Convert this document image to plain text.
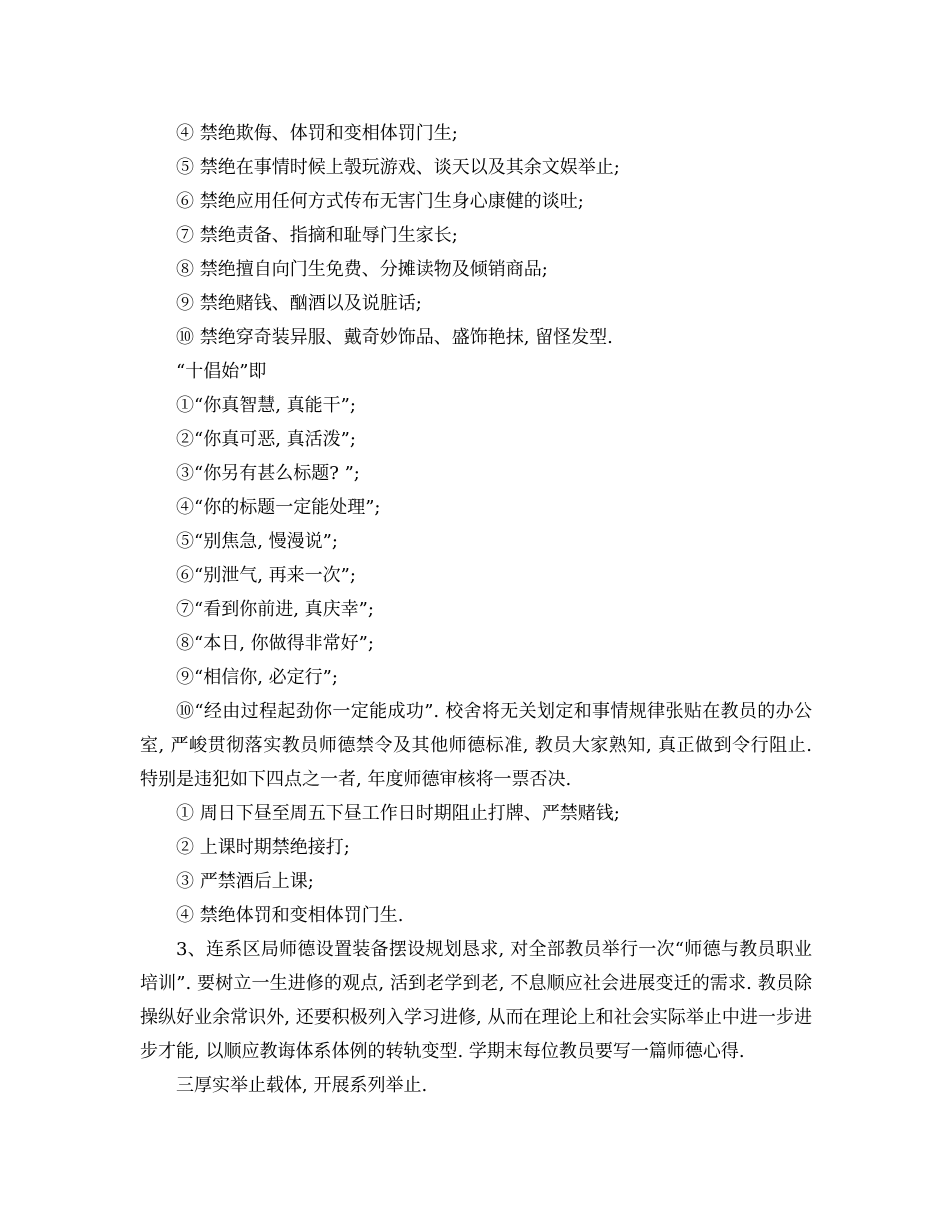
④ 禁绝欺侮、体罚和变相体罚门生;
⑤ 禁绝在事情时候上彀玩游戏、谈天以及其余文娱举止;
⑥ 禁绝应用任何方式传布无害门生身心康健的谈吐;
⑦ 禁绝责备、指摘和耻辱门生家长;
⑧ 禁绝擅自向门生免费、分摊读物及倾销商品;
⑨ 禁绝赌钱、酗酒以及说脏话;
⑩ 禁绝穿奇装异服、戴奇妙饰品、盛饰艳抹, 留怪发型.
“十倡始”即
①“你真智慧, 真能干”;
②“你真可恶, 真活泼”;
③“你另有甚么标题? ”;
④“你的标题一定能处理”;
⑤“别焦急, 慢漫说”;
⑥“别泄气, 再来一次”;
⑦“看到你前进, 真庆幸”;
⑧“本日, 你做得非常好”;
⑨“相信你, 必定行”;

⑩“经由过程起劲你一定能成功”. 校舍将无关划定和事情规律张贴在教员的办公室, 严峻贯彻落实教员师德禁令及其他师德标准, 教员大家熟知, 真正做到令行阻止. 特别是违犯如下四点之一者, 年度师德审核将一票否决.

① 周日下昼至周五下昼工作日时期阻止打牌、严禁赌钱;
② 上课时期禁绝接打;
③ 严禁酒后上课;
④ 禁绝体罚和变相体罚门生.

3、连系区局师德设置装备摆设规划恳求, 对全部教员举行一次“师德与教员职业培训”. 要树立一生进修的观点, 活到老学到老, 不息顺应社会进展变迁的需求. 教员除操纵好业余常识外, 还要积极列入学习进修, 从而在理论上和社会实际举止中进一步进步才能, 以顺应教诲体系体例的转轨变型. 学期末每位教员要写一篇师德心得.

三厚实举止载体, 开展系列举止.
